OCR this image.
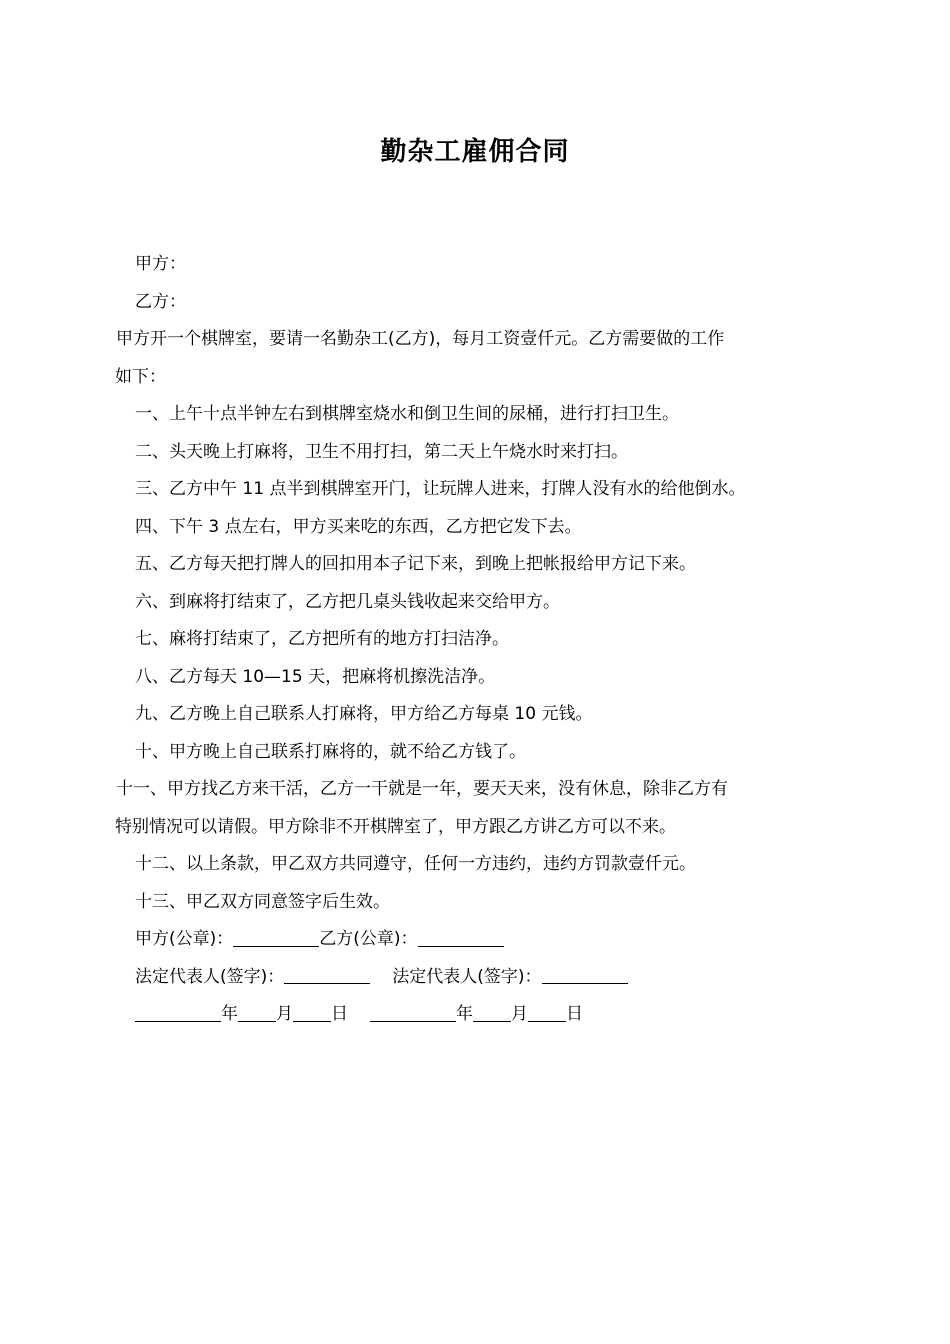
勤杂工雇佣合同

甲方：

乙方：

甲方开一个棋牌室，要请一名勤杂工(乙方)，每月工资壹仟元。乙方需要做的工作
如下：

一、上午十点半钟左右到棋牌室烧水和倒卫生间的尿桶，进行打扫卫生。

二、头天晚上打麻将，卫生不用打扫，第二天上午烧水时来打扫。

三、乙方中午 11 点半到棋牌室开门，让玩牌人进来，打牌人没有水的给他倒水。

四、下午 3 点左右，甲方买来吃的东西，乙方把它发下去。

五、乙方每天把打牌人的回扣用本子记下来，到晚上把帐报给甲方记下来。

六、到麻将打结束了，乙方把几桌头钱收起来交给甲方。

七、麻将打结束了，乙方把所有的地方打扫洁净。

八、乙方每天 10—15 天，把麻将机擦洗洁净。

九、乙方晚上自己联系人打麻将，甲方给乙方每桌 10 元钱。

十、甲方晚上自己联系打麻将的，就不给乙方钱了。

十一、甲方找乙方来干活，乙方一干就是一年，要天天来，没有休息，除非乙方有
特别情况可以请假。甲方除非不开棋牌室了，甲方跟乙方讲乙方可以不来。

十二、以上条款，甲乙双方共同遵守，任何一方违约，违约方罚款壹仟元。

十三、甲乙双方同意签字后生效。

甲方(公章)：	乙方(公章)：

法定代表人(签字)：	法定代表人(签字)：

年 月 日	年 月 日
